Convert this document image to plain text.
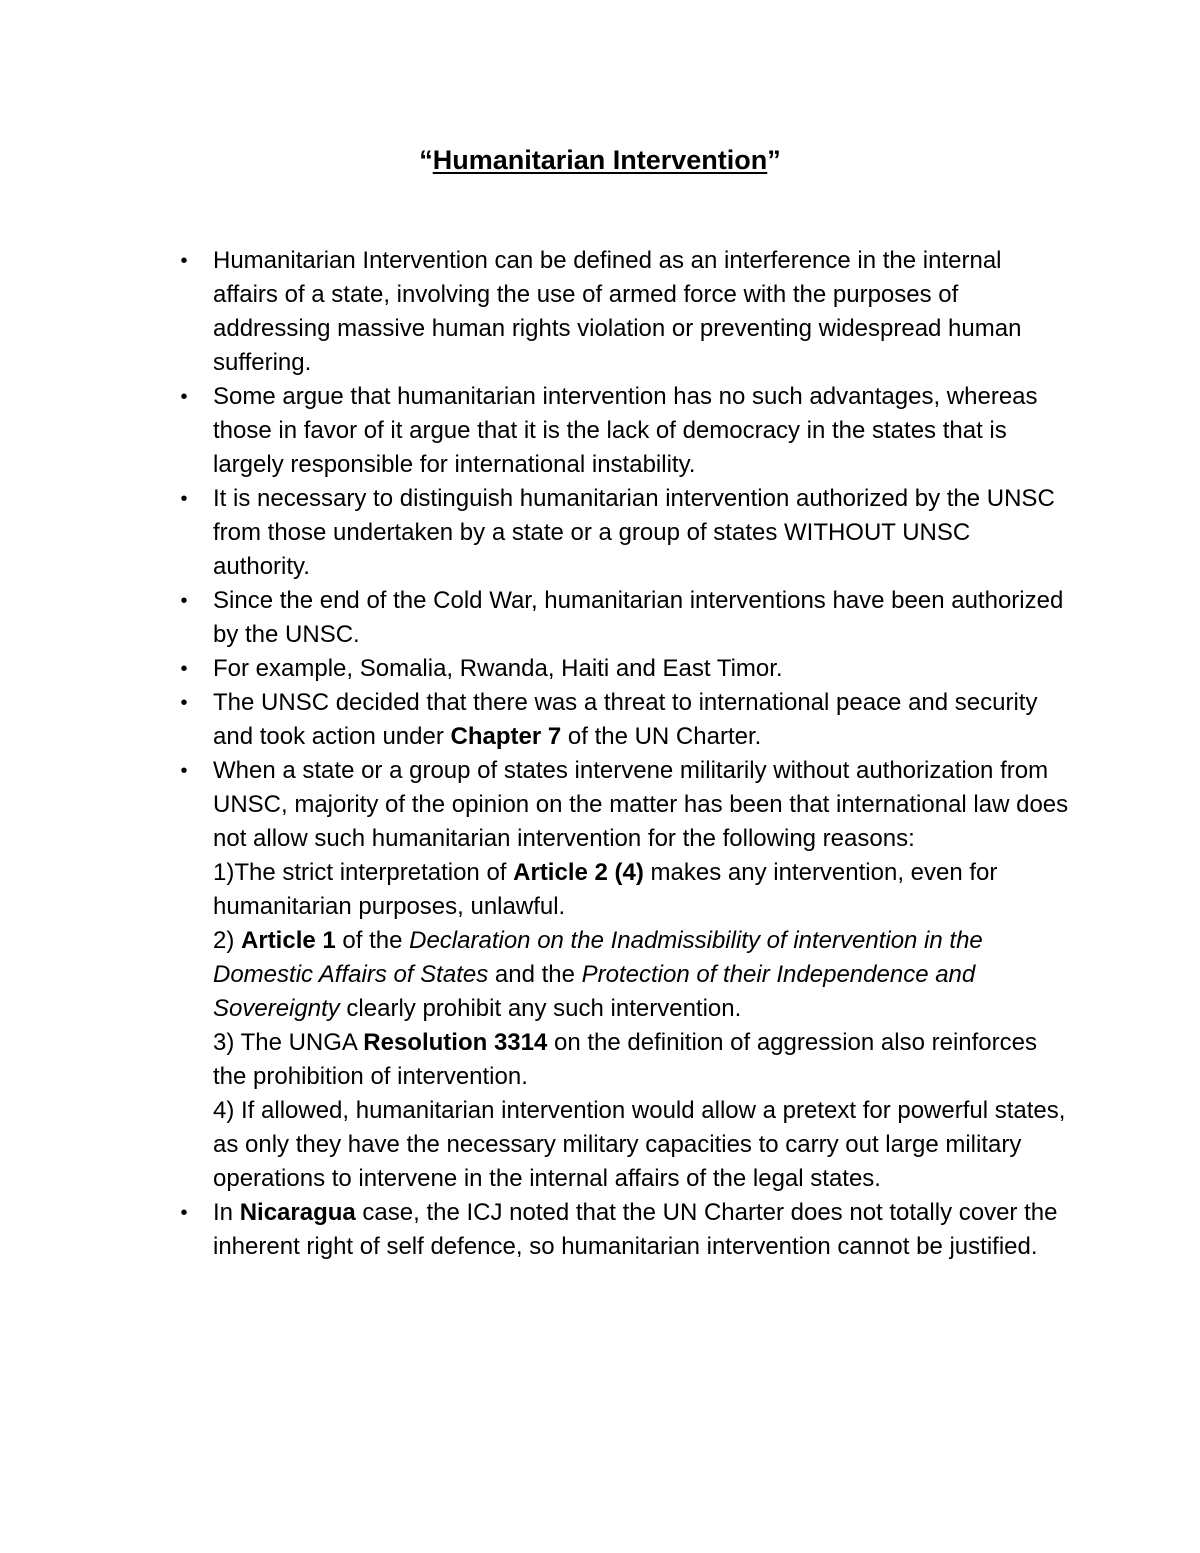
“Humanitarian Intervention”
• Humanitarian Intervention can be defined as an interference in the internal affairs of a state, involving the use of armed force with the purposes of addressing massive human rights violation or preventing widespread human suffering.
• Some argue that humanitarian intervention has no such advantages, whereas those in favor of it argue that it is the lack of democracy in the states that is largely responsible for international instability.
• It is necessary to distinguish humanitarian intervention authorized by the UNSC from those undertaken by a state or a group of states WITHOUT UNSC authority.
• Since the end of the Cold War, humanitarian interventions have been authorized by the UNSC.
• For example, Somalia, Rwanda, Haiti and East Timor.
• The UNSC decided that there was a threat to international peace and security and took action under Chapter 7 of the UN Charter.
• When a state or a group of states intervene militarily without authorization from UNSC, majority of the opinion on the matter has been that international law does not allow such humanitarian intervention for the following reasons:
1)The strict interpretation of Article 2 (4) makes any intervention, even for humanitarian purposes, unlawful.
2) Article 1 of the Declaration on the Inadmissibility of intervention in the Domestic Affairs of States and the Protection of their Independence and Sovereignty clearly prohibit any such intervention.
3) The UNGA Resolution 3314 on the definition of aggression also reinforces the prohibition of intervention.
4) If allowed, humanitarian intervention would allow a pretext for powerful states, as only they have the necessary military capacities to carry out large military operations to intervene in the internal affairs of the legal states.
• In Nicaragua case, the ICJ noted that the UN Charter does not totally cover the inherent right of self defence, so humanitarian intervention cannot be justified.
